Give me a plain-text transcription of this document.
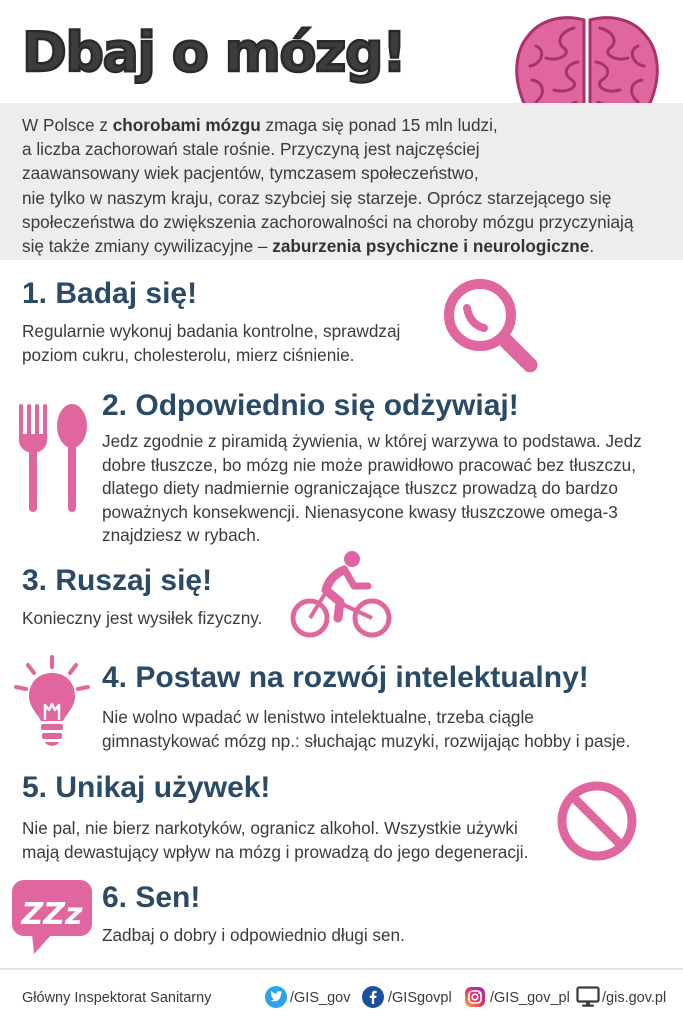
Dbaj o mózg!
W Polsce z chorobami mózgu zmaga się ponad 15 mln ludzi,
a liczba zachorowań stale rośnie. Przyczyną jest najczęściej
zaawansowany wiek pacjentów, tymczasem społeczeństwo,
nie tylko w naszym kraju, coraz szybciej się starzeje. Oprócz starzejącego się
społeczeństwa do zwiększenia zachorowalności na choroby mózgu przyczyniają
się także zmiany cywilizacyjne – zaburzenia psychiczne i neurologiczne.
1. Badaj się!
Regularnie wykonuj badania kontrolne, sprawdzaj
poziom cukru, cholesterolu, mierz ciśnienie.
2. Odpowiednio się odżywiaj!
Jedz zgodnie z piramidą żywienia, w której warzywa to podstawa. Jedz
dobre tłuszcze, bo mózg nie może prawidłowo pracować bez tłuszczu,
dlatego diety nadmiernie ograniczające tłuszcz prowadzą do bardzo
poważnych konsekwencji. Nienasycone kwasy tłuszczowe omega-3
znajdziesz w rybach.
3. Ruszaj się!
Konieczny jest wysiłek fizyczny.
4. Postaw na rozwój intelektualny!
Nie wolno wpadać w lenistwo intelektualne, trzeba ciągle
gimnastykować mózg np.: słuchając muzyki, rozwijając hobby i pasje.
5. Unikaj używek!
Nie pal, nie bierz narkotyków, ogranicz alkohol. Wszystkie używki
mają dewastujący wpływ na mózg i prowadzą do jego degeneracji.
ZZz 6. Sen!
Zadbaj o dobry i odpowiednio długi sen.
Główny Inspektorat Sanitarny	/GIS_gov	/GISgovpl	/GIS_gov_pl /gis.gov.pl
